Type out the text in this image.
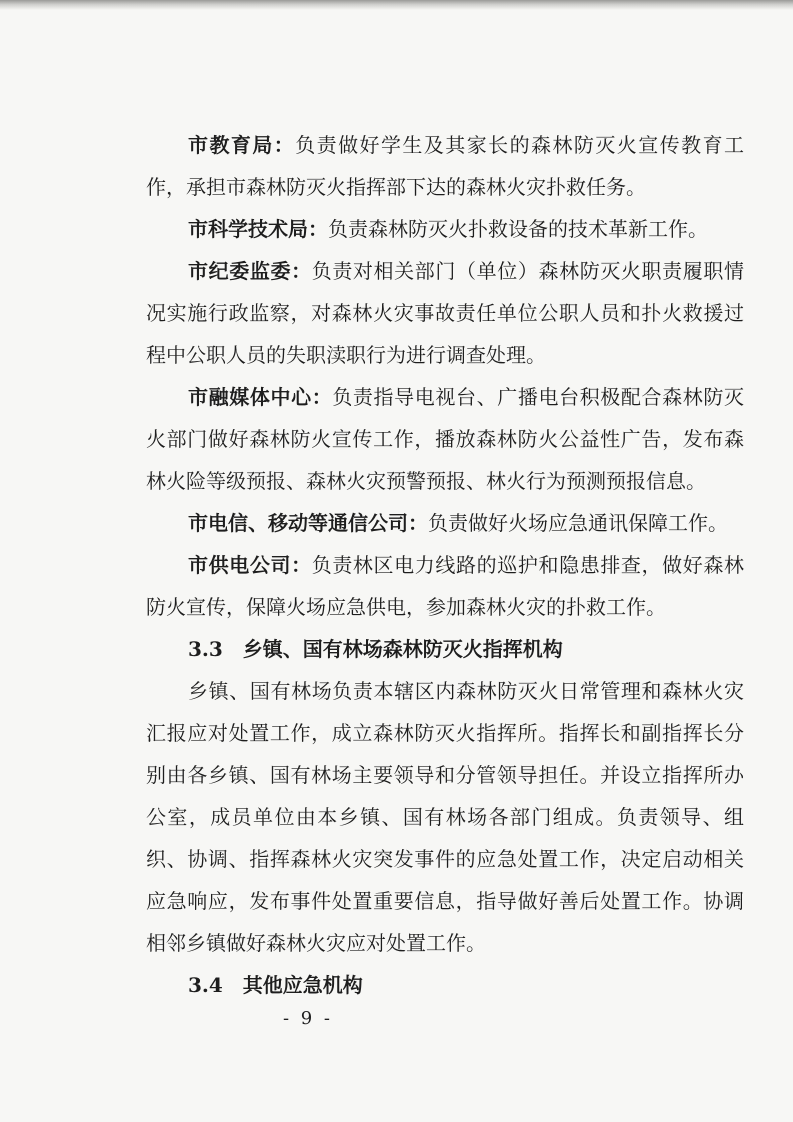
市教育局：负责做好学生及其家长的森林防灭火宣传教育工作，承担市森林防灭火指挥部下达的森林火灾扑救任务。

市科学技术局：负责森林防灭火扑救设备的技术革新工作。

市纪委监委：负责对相关部门（单位）森林防灭火职责履职情况实施行政监察，对森林火灾事故责任单位公职人员和扑火救援过程中公职人员的失职渎职行为进行调查处理。

市融媒体中心：负责指导电视台、广播电台积极配合森林防灭火部门做好森林防火宣传工作，播放森林防火公益性广告，发布森林火险等级预报、森林火灾预警预报、林火行为预测预报信息。

市电信、移动等通信公司：负责做好火场应急通讯保障工作。

市供电公司：负责林区电力线路的巡护和隐患排查，做好森林防火宣传，保障火场应急供电，参加森林火灾的扑救工作。

3.3 乡镇、国有林场森林防灭火指挥机构

乡镇、国有林场负责本辖区内森林防灭火日常管理和森林火灾汇报应对处置工作，成立森林防灭火指挥所。指挥长和副指挥长分别由各乡镇、国有林场主要领导和分管领导担任。并设立指挥所办公室，成员单位由本乡镇、国有林场各部门组成。负责领导、组织、协调、指挥森林火灾突发事件的应急处置工作，决定启动相关应急响应，发布事件处置重要信息，指导做好善后处置工作。协调相邻乡镇做好森林火灾应对处置工作。

3.4 其他应急机构

- 9 -
